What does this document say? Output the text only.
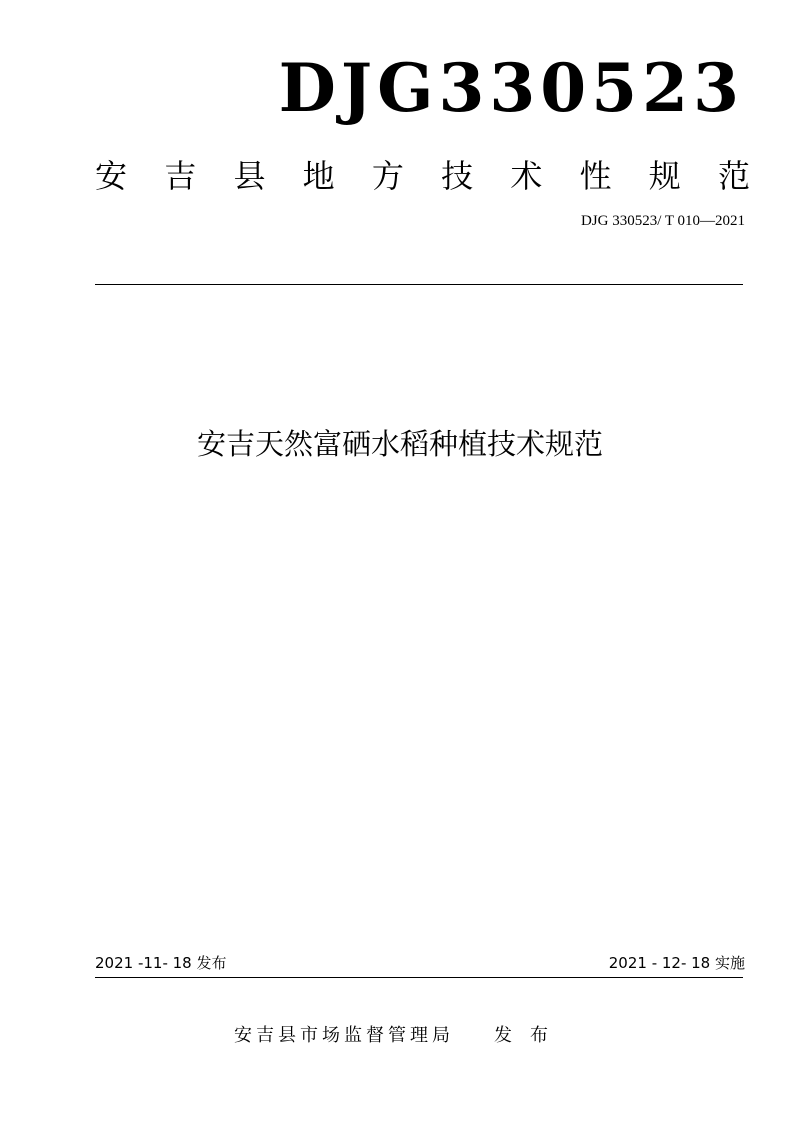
DJG330523
安 吉 县 地 方 技 术 性 规 范
DJG 330523/ T 010—2021
安吉天然富硒水稻种植技术规范
2021 -11- 18 发布	2021 - 12- 18 实施
安吉县市场监督管理局 发布
